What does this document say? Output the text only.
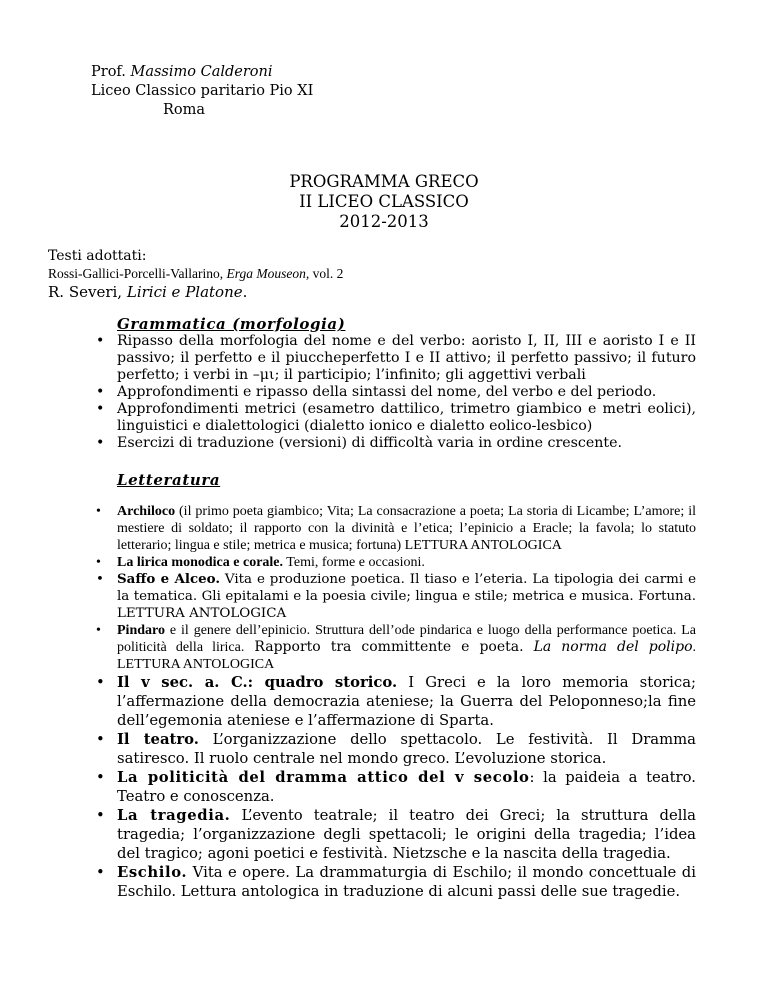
Prof. Massimo Calderoni
Liceo Classico paritario Pio XI
Roma
PROGRAMMA GRECO
II LICEO CLASSICO
2012-2013
Testi adottati:
Rossi-Gallici-Porcelli-Vallarino, Erga Mouseon, vol. 2
R. Severi, Lirici e Platone.
Grammatica (morfologia)
• Ripasso della morfologia del nome e del verbo: aoristo I, II, III e aoristo I e II passivo; il perfetto e il piuccheperfetto I e II attivo; il perfetto passivo; il futuro perfetto; i verbi in –μι; il participio; l’infinito; gli aggettivi verbali
• Approfondimenti e ripasso della sintassi del nome, del verbo e del periodo.
• Approfondimenti metrici (esametro dattilico, trimetro giambico e metri eolici), linguistici e dialettologici (dialetto ionico e dialetto eolico-lesbico)
• Esercizi di traduzione (versioni) di difficoltà varia in ordine crescente.
Letteratura
• Archiloco (il primo poeta giambico; Vita; La consacrazione a poeta; La storia di Licambe; L’amore; il mestiere di soldato; il rapporto con la divinità e l’etica; l’epinicio a Eracle; la favola; lo statuto letterario; lingua e stile; metrica e musica; fortuna) LETTURA ANTOLOGICA
• La lirica monodica e corale. Temi, forme e occasioni.
• Saffo e Alceo. Vita e produzione poetica. Il tiaso e l’eteria. La tipologia dei carmi e la tematica. Gli epitalami e la poesia civile; lingua e stile; metrica e musica. Fortuna. LETTURA ANTOLOGICA
• Pindaro e il genere dell’epinicio. Struttura dell’ode pindarica e luogo della performance poetica. La politicità della lirica. Rapporto tra committente e poeta. La norma del polipo. LETTURA ANTOLOGICA
• Il v sec. a. C.: quadro storico. I Greci e la loro memoria storica; l’affermazione della democrazia ateniese; la Guerra del Peloponneso;la fine dell’egemonia ateniese e l’affermazione di Sparta.
• Il teatro. L’organizzazione dello spettacolo. Le festività. Il Dramma satiresco. Il ruolo centrale nel mondo greco. L’evoluzione storica.
• La politicità del dramma attico del v secolo: la paideia a teatro. Teatro e conoscenza.
• La tragedia. L’evento teatrale; il teatro dei Greci; la struttura della tragedia; l’organizzazione degli spettacoli; le origini della tragedia; l’idea del tragico; agoni poetici e festività. Nietzsche e la nascita della tragedia.
• Eschilo. Vita e opere. La drammaturgia di Eschilo; il mondo concettuale di Eschilo. Lettura antologica in traduzione di alcuni passi delle sue tragedie.
